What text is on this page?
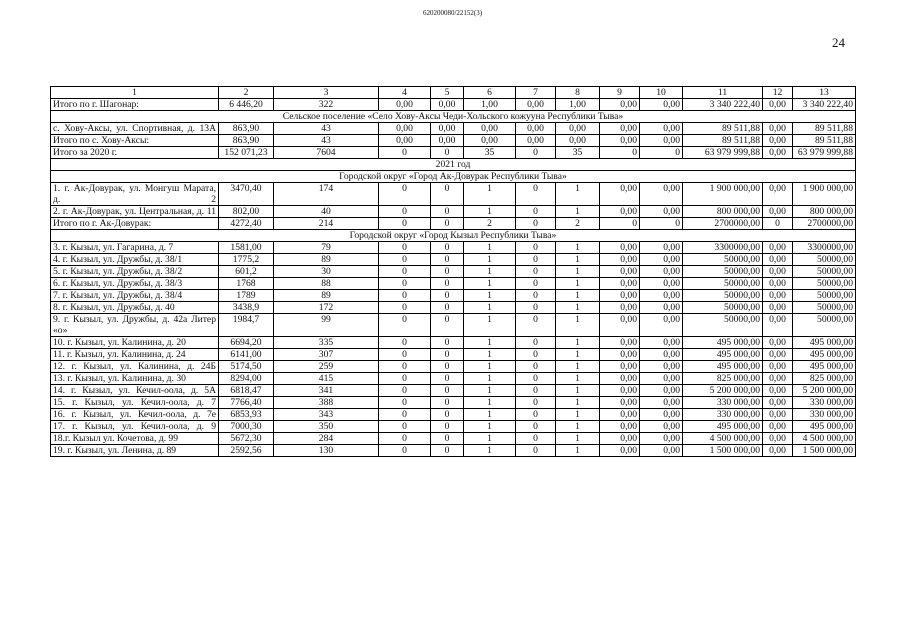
620200080/22152(3)
24
1	2	3	4	5	6	7	8	9	10	11	12	13
Итого по г. Шагонар:	6 446,20	322	0,00	0,00	1,00	0,00	1,00	0,00	0,00	3 340 222,40	0,00	3 340 222,40
Сельское поселение «Село Хову-Аксы Чеди-Хольского кожууна Республики Тыва»												
с. Хову-Аксы, ул. Спортивная, д. 13А	863,90	43	0,00	0,00	0,00	0,00	0,00	0,00	0,00	89 511,88	0,00	89 511,88
Итого по с. Хову-Аксы:	863,90	43	0,00	0,00	0,00	0,00	0,00	0,00	0,00	89 511,88	0,00	89 511,88
Итого за 2020 г.	152 071,23	7604	0	0	35	0	35	0	0	63 979 999,88	0,00	63 979 999,88
2021 год												
Городской округ «Город Ак-Довурак Республики Тыва»												
1. г. Ак-Довурак, ул. Монгуш Марата, д. 2	3470,40	174	0	0	1	0	1	0,00	0,00	1 900 000,00	0,00	1 900 000,00
2. г. Ак-Довурак, ул. Центральная, д. 11	802,00	40	0	0	1	0	1	0,00	0,00	800 000,00	0,00	800 000,00
Итого по г. Ак-Довурак:	4272,40	214	0	0	2	0	2	0	0	2700000,00	0	2700000,00
Городской округ «Город Кызыл Республики Тыва»												
3. г. Кызыл, ул. Гагарина, д. 7	1581,00	79	0	0	1	0	1	0,00	0,00	3300000,00	0,00	3300000,00
4. г. Кызыл, ул. Дружбы, д. 38/1	1775,2	89	0	0	1	0	1	0,00	0,00	50000,00	0,00	50000,00
5. г. Кызыл, ул. Дружбы, д. 38/2	601,2	30	0	0	1	0	1	0,00	0,00	50000,00	0,00	50000,00
6. г. Кызыл, ул. Дружбы, д. 38/3	1768	88	0	0	1	0	1	0,00	0,00	50000,00	0,00	50000,00
7. г. Кызыл, ул. Дружбы, д. 38/4	1789	89	0	0	1	0	1	0,00	0,00	50000,00	0,00	50000,00
8. г. Кызыл, ул. Дружбы, д. 40	3438,9	172	0	0	1	0	1	0,00	0,00	50000,00	0,00	50000,00
9. г. Кызыл, ул. Дружбы, д. 42а Литер «о»	1984,7	99	0	0	1	0	1	0,00	0,00	50000,00	0,00	50000,00
10. г. Кызыл, ул. Калинина, д. 20	6694,20	335	0	0	1	0	1	0,00	0,00	495 000,00	0,00	495 000,00
11. г. Кызыл, ул. Калинина, д. 24	6141,00	307	0	0	1	0	1	0,00	0,00	495 000,00	0,00	495 000,00
12. г. Кызыл, ул. Калинина, д. 24Б	5174,50	259	0	0	1	0	1	0,00	0,00	495 000,00	0,00	495 000,00
13. г. Кызыл, ул. Калинина, д. 30	8294,00	415	0	0	1	0	1	0,00	0,00	825 000,00	0,00	825 000,00
14. г. Кызыл, ул. Кечил-оола, д. 5А	6818,47	341	0	0	1	0	1	0,00	0,00	5 200 000,00	0,00	5 200 000,00
15. г. Кызыл, ул. Кечил-оола, д. 7	7766,40	388	0	0	1	0	1	0,00	0,00	330 000,00	0,00	330 000,00
16. г. Кызыл, ул. Кечил-оола, д. 7е	6853,93	343	0	0	1	0	1	0,00	0,00	330 000,00	0,00	330 000,00
17. г. Кызыл, ул. Кечил-оола, д. 9	7000,30	350	0	0	1	0	1	0,00	0,00	495 000,00	0,00	495 000,00
18.г. Кызыл ул. Кочетова, д. 99	5672,30	284	0	0	1	0	1	0,00	0,00	4 500 000,00	0,00	4 500 000,00
19. г. Кызыл, ул. Ленина, д. 89	2592,56	130	0	0	1	0	1	0,00	0,00	1 500 000,00	0,00	1 500 000,00
